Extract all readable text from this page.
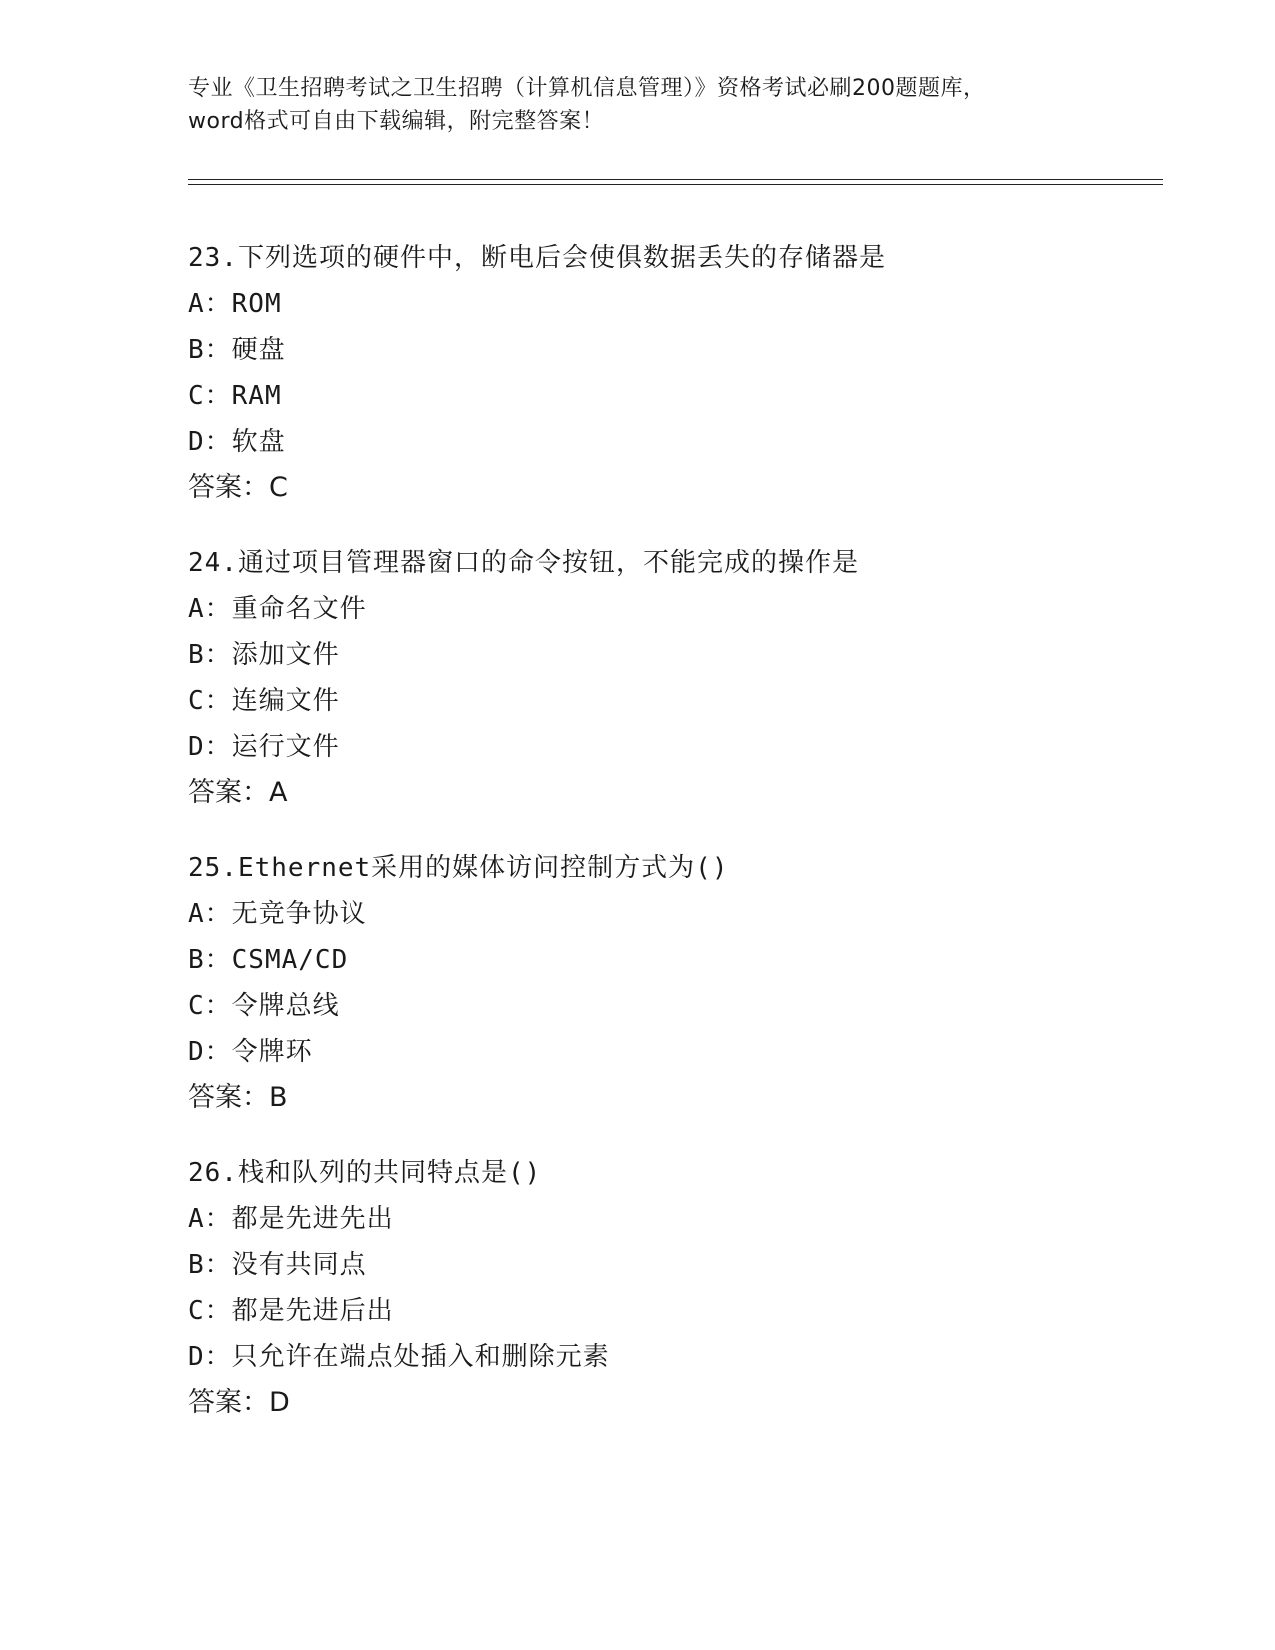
专业《卫生招聘考试之卫生招聘（计算机信息管理）》资格考试必刷200题题库，
word格式可自由下载编辑，附完整答案！
23.下列选项的硬件中，断电后会使俱数据丢失的存储器是
A：ROM
B：硬盘
C：RAM
D：软盘
答案：C
24.通过项目管理器窗口的命令按钮，不能完成的操作是
A：重命名文件
B：添加文件
C：连编文件
D：运行文件
答案：A
25.Ethernet采用的媒体访问控制方式为()
A：无竞争协议
B：CSMA/CD
C：令牌总线
D：令牌环
答案：B
26.栈和队列的共同特点是()
A：都是先进先出
B：没有共同点
C：都是先进后出
D：只允许在端点处插入和删除元素
答案：D
